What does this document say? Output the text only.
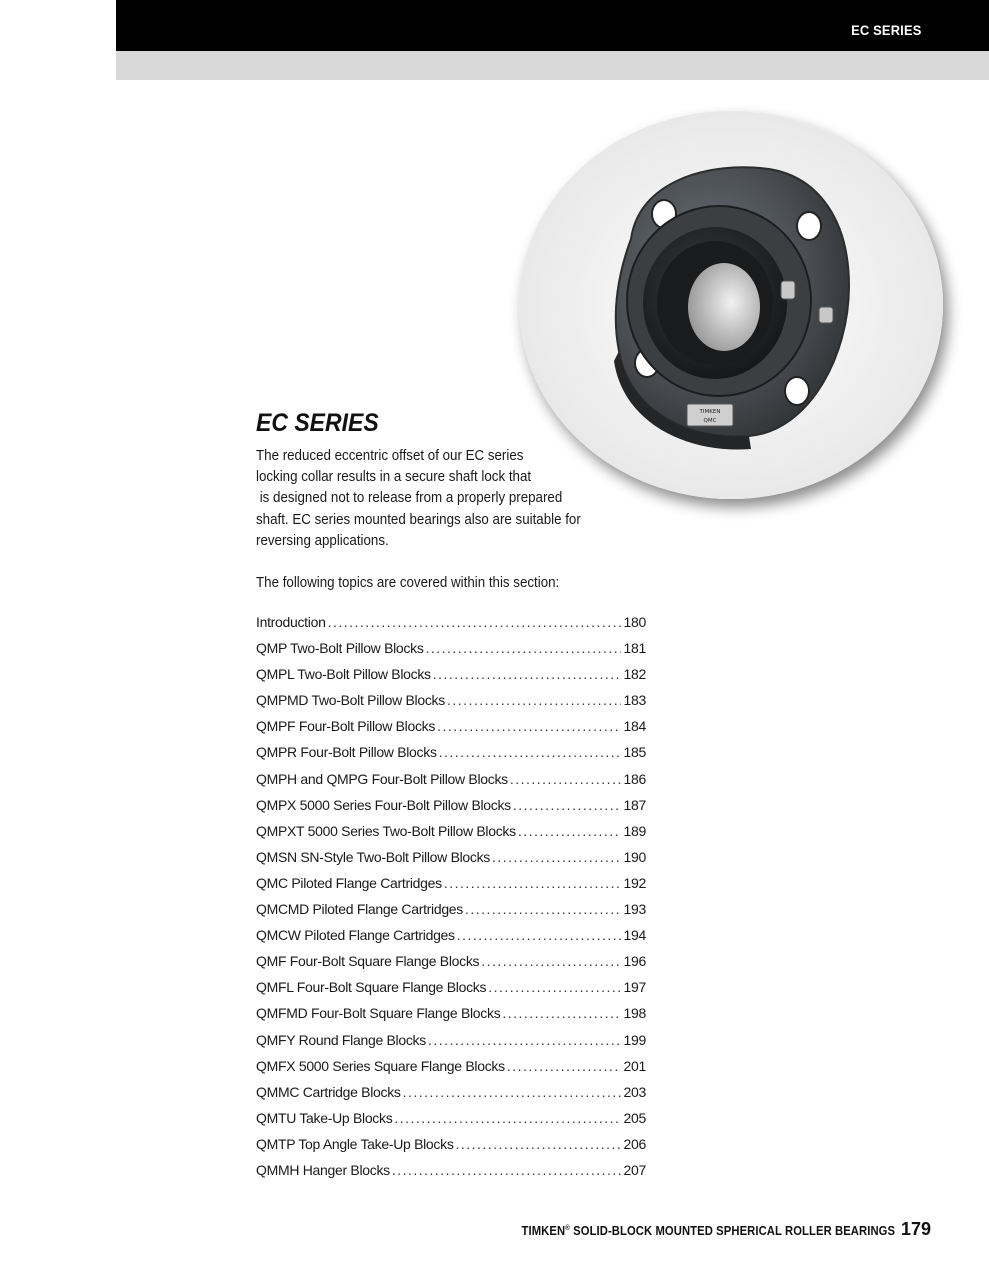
EC SERIES
TIMKEN
QMC
EC SERIES
The reduced eccentric offset of our EC series
locking collar results in a secure shaft lock that
is designed not to release from a properly prepared
shaft. EC series mounted bearings also are suitable for
reversing applications.
The following topics are covered within this section:
Introduction . . .	180
QMP Two-Bolt Pillow Blocks . . .	181
QMPL Two-Bolt Pillow Blocks . . .	182
QMPMD Two-Bolt Pillow Blocks . . .	183
QMPF Four-Bolt Pillow Blocks . . .	184
QMPR Four-Bolt Pillow Blocks . . .	185
QMPH and QMPG Four-Bolt Pillow Blocks . . .	186
QMPX 5000 Series Four-Bolt Pillow Blocks . . .	187
QMPXT 5000 Series Two-Bolt Pillow Blocks . . .	189
QMSN SN-Style Two-Bolt Pillow Blocks . . .	190
QMC Piloted Flange Cartridges . . .	192
QMCMD Piloted Flange Cartridges . . .	193
QMCW Piloted Flange Cartridges . . .	194
QMF Four-Bolt Square Flange Blocks . . .	196
QMFL Four-Bolt Square Flange Blocks . . .	197
QMFMD Four-Bolt Square Flange Blocks . . .	198
QMFY Round Flange Blocks . . .	199
QMFX 5000 Series Square Flange Blocks . . .	201
QMMC Cartridge Blocks . . .	203
QMTU Take-Up Blocks . . .	205
QMTP Top Angle Take-Up Blocks . . .	206
QMMH Hanger Blocks . . .	207
TIMKEN® SOLID-BLOCK MOUNTED SPHERICAL ROLLER BEARINGS 179
